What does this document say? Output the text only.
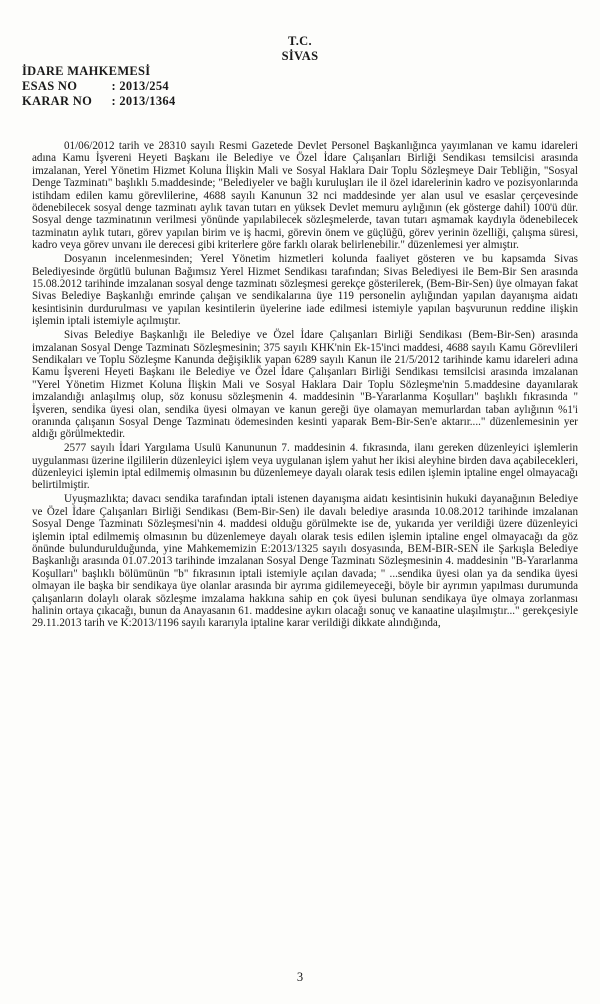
T.C.
SİVAS
İDARE MAHKEMESİ
ESAS NO	: 2013/254
KARAR NO : 2013/1364

01/06/2012 tarih ve 28310 sayılı Resmi Gazetede Devlet Personel Başkanlığınca yayımlanan ve kamu idareleri adına Kamu İşvereni Heyeti Başkanı ile Belediye ve Özel İdare Çalışanları Birliği Sendikası temsilcisi arasında imzalanan, Yerel Yönetim Hizmet Koluna İlişkin Mali ve Sosyal Haklara Dair Toplu Sözleşmeye Dair Tebliğin, "Sosyal Denge Tazminatı" başlıklı 5.maddesinde; "Belediyeler ve bağlı kuruluşları ile il özel idarelerinin kadro ve pozisyonlarında istihdam edilen kamu görevlilerine, 4688 sayılı Kanunun 32 nci maddesinde yer alan usul ve esaslar çerçevesinde ödenebilecek sosyal denge tazminatı aylık tavan tutarı en yüksek Devlet memuru aylığının (ek gösterge dahil) 100'ü dür. Sosyal denge tazminatının verilmesi yönünde yapılabilecek sözleşmelerde, tavan tutarı aşmamak kaydıyla ödenebilecek tazminatın aylık tutarı, görev yapılan birim ve iş hacmi, görevin önem ve güçlüğü, görev yerinin özelliği, çalışma süresi, kadro veya görev unvanı ile derecesi gibi kriterlere göre farklı olarak belirlenebilir." düzenlemesi yer almıştır.

Dosyanın incelenmesinden; Yerel Yönetim hizmetleri kolunda faaliyet gösteren ve bu kapsamda Sivas Belediyesinde örgütlü bulunan Bağımsız Yerel Hizmet Sendikası tarafından; Sivas Belediyesi ile Bem-Bir Sen arasında 15.08.2012 tarihinde imzalanan sosyal denge tazminatı sözleşmesi gerekçe gösterilerek, (Bem-Bir-Sen) üye olmayan fakat Sivas Belediye Başkanlığı emrinde çalışan ve sendikalarına üye 119 personelin aylığından yapılan dayanışma aidatı kesintisinin durdurulması ve yapılan kesintilerin üyelerine iade edilmesi istemiyle yapılan başvurunun reddine ilişkin işlemin iptali istemiyle açılmıştır.

Sivas Belediye Başkanlığı ile Belediye ve Özel İdare Çalışanları Birliği Sendikası (Bem-Bir-Sen) arasında imzalanan Sosyal Denge Tazminatı Sözleşmesinin; 375 sayılı KHK'nin Ek-15'inci maddesi, 4688 sayılı Kamu Görevlileri Sendikaları ve Toplu Sözleşme Kanunda değişiklik yapan 6289 sayılı Kanun ile 21/5/2012 tarihinde kamu idareleri adına Kamu İşvereni Heyeti Başkanı ile Belediye ve Özel İdare Çalışanları Birliği Sendikası temsilcisi arasında imzalanan "Yerel Yönetim Hizmet Koluna İlişkin Mali ve Sosyal Haklara Dair Toplu Sözleşme'nin 5.maddesine dayanılarak imzalandığı anlaşılmış olup, söz konusu sözleşmenin 4. maddesinin "B-Yararlanma Koşulları" başlıklı fıkrasında " İşveren, sendika üyesi olan, sendika üyesi olmayan ve kanun gereği üye olamayan memurlardan taban aylığının %1'i oranında çalışanın Sosyal Denge Tazminatı ödemesinden kesinti yaparak Bem-Bir-Sen'e aktarır...." düzenlemesinin yer aldığı görülmektedir.

2577 sayılı İdari Yargılama Usulü Kanununun 7. maddesinin 4. fıkrasında, ilanı gereken düzenleyici işlemlerin uygulanması üzerine ilgililerin düzenleyici işlem veya uygulanan işlem yahut her ikisi aleyhine birden dava açabilecekleri, düzenleyici işlemin iptal edilmemiş olmasının bu düzenlemeye dayalı olarak tesis edilen işlemin iptaline engel olmayacağı belirtilmiştir.

Uyuşmazlıkta; davacı sendika tarafından iptali istenen dayanışma aidatı kesintisinin hukuki dayanağının Belediye ve Özel İdare Çalışanları Birliği Sendikası (Bem-Bir-Sen) ile davalı belediye arasında 10.08.2012 tarihinde imzalanan Sosyal Denge Tazminatı Sözleşmesi'nin 4. maddesi olduğu görülmekte ise de, yukarıda yer verildiği üzere düzenleyici işlemin iptal edilmemiş olmasının bu düzenlemeye dayalı olarak tesis edilen işlemin iptaline engel olmayacağı da göz önünde bulundurulduğunda, yine Mahkememizin E:2013/1325 sayılı dosyasında, BEM-BIR-SEN ile Şarkışla Belediye Başkanlığı arasında 01.07.2013 tarihinde imzalanan Sosyal Denge Tazminatı Sözleşmesinin 4. maddesinin "B-Yararlanma Koşulları" başlıklı bölümünün "b" fıkrasının iptali istemiyle açılan davada; " ...sendika üyesi olan ya da sendika üyesi olmayan ile başka bir sendikaya üye olanlar arasında bir ayrıma gidilemeyeceği, böyle bir ayrımın yapılması durumunda çalışanların dolaylı olarak sözleşme imzalama hakkına sahip en çok üyesi bulunan sendikaya üye olmaya zorlanması halinin ortaya çıkacağı, bunun da Anayasanın 61. maddesine aykırı olacağı sonuç ve kanaatine ulaşılmıştır..." gerekçesiyle 29.11.2013 tarih ve K:2013/1196 sayılı kararıyla iptaline karar verildiği dikkate alındığında,

3
